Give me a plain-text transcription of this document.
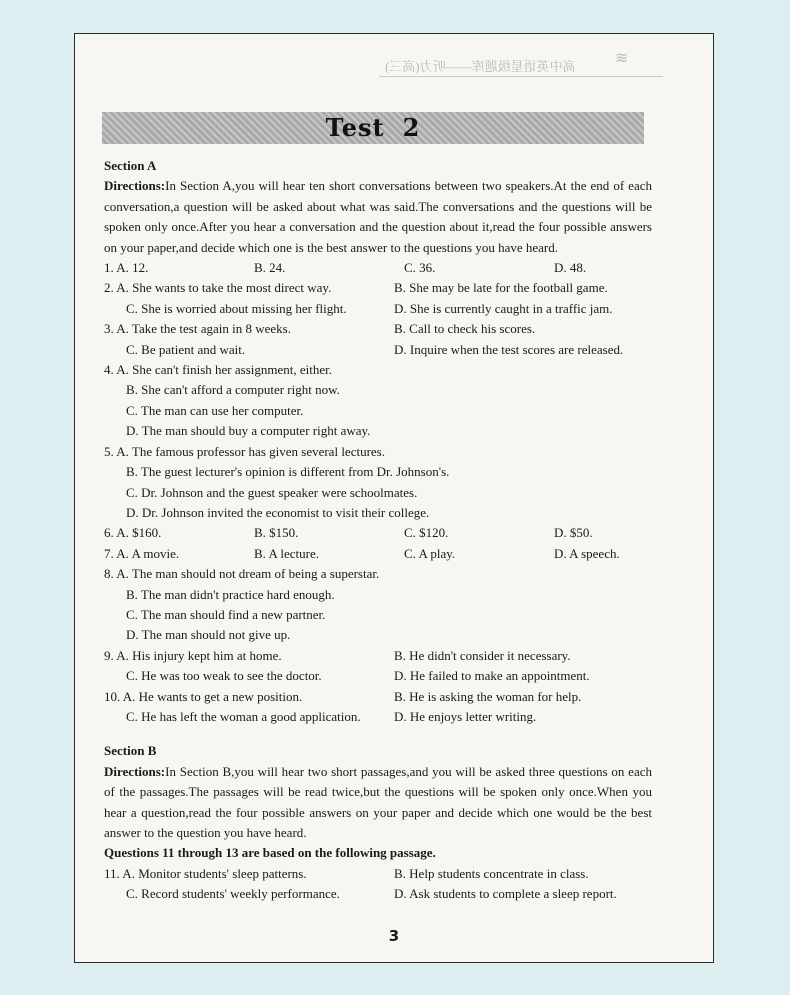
高中英语星级题库——听力(高三) ≋
Test 2
Section A
Directions:In Section A,you will hear ten short conversations between two speakers.At the end of each conversation,a question will be asked about what was said.The conversations and the questions will be spoken only once.After you hear a conversation and the question about it,read the four possible answers on your paper,and decide which one is the best answer to the questions you have heard.
1. A. 12.	B. 24.	C. 36.	D. 48.
2. A. She wants to take the most direct way.	B. She may be late for the football game.
C. She is worried about missing her flight.	D. She is currently caught in a traffic jam.
3. A. Take the test again in 8 weeks.	B. Call to check his scores.
C. Be patient and wait.	D. Inquire when the test scores are released.
4. A. She can't finish her assignment, either.
B. She can't afford a computer right now.
C. The man can use her computer.
D. The man should buy a computer right away.
5. A. The famous professor has given several lectures.
B. The guest lecturer's opinion is different from Dr. Johnson's.
C. Dr. Johnson and the guest speaker were schoolmates.
D. Dr. Johnson invited the economist to visit their college.
6. A. $160.	B. $150.	C. $120.	D. $50.
7. A. A movie.	B. A lecture.	C. A play.	D. A speech.
8. A. The man should not dream of being a superstar.
B. The man didn't practice hard enough.
C. The man should find a new partner.
D. The man should not give up.
9. A. His injury kept him at home.	B. He didn't consider it necessary.
C. He was too weak to see the doctor.	D. He failed to make an appointment.
10. A. He wants to get a new position.	B. He is asking the woman for help.
C. He has left the woman a good application.	D. He enjoys letter writing.
Section B
Directions:In Section B,you will hear two short passages,and you will be asked three questions on each of the passages.The passages will be read twice,but the questions will be spoken only once.When you hear a question,read the four possible answers on your paper and decide which one would be the best answer to the question you have heard.
Questions 11 through 13 are based on the following passage.
11. A. Monitor students' sleep patterns.	B. Help students concentrate in class.
C. Record students' weekly performance.	D. Ask students to complete a sleep report.
3
